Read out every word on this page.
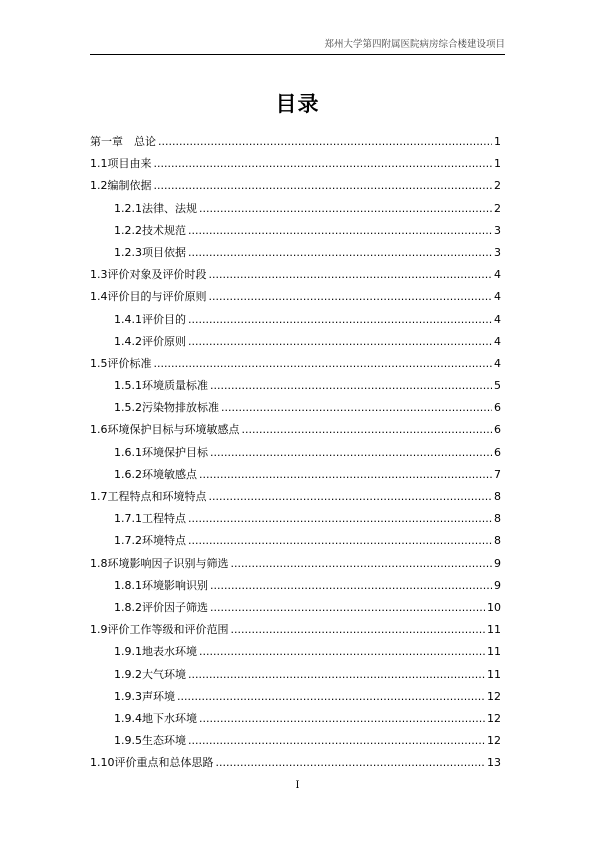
郑州大学第四附属医院病房综合楼建设项目
目录
第一章　总论 .....	1
1.1项目由来 .....	1
1.2编制依据 .....	2
1.2.1法律、法规 .....	2
1.2.2技术规范 .....	3
1.2.3项目依据 .....	3
1.3评价对象及评价时段 .....	4
1.4评价目的与评价原则 .....	4
1.4.1评价目的 .....	4
1.4.2评价原则 .....	4
1.5评价标准 .....	4
1.5.1环境质量标准 .....	5
1.5.2污染物排放标准 .....	6
1.6环境保护目标与环境敏感点 .....	6
1.6.1环境保护目标 .....	6
1.6.2环境敏感点 .....	7
1.7工程特点和环境特点 .....	8
1.7.1工程特点 .....	8
1.7.2环境特点 .....	8
1.8环境影响因子识别与筛选 .....	9
1.8.1环境影响识别 .....	9
1.8.2评价因子筛选 .....	10
1.9评价工作等级和评价范围 .....	11
1.9.1地表水环境 .....	11
1.9.2大气环境 .....	11
1.9.3声环境 .....	12
1.9.4地下水环境 .....	12
1.9.5生态环境 .....	12
1.10评价重点和总体思路 .....	13
I
